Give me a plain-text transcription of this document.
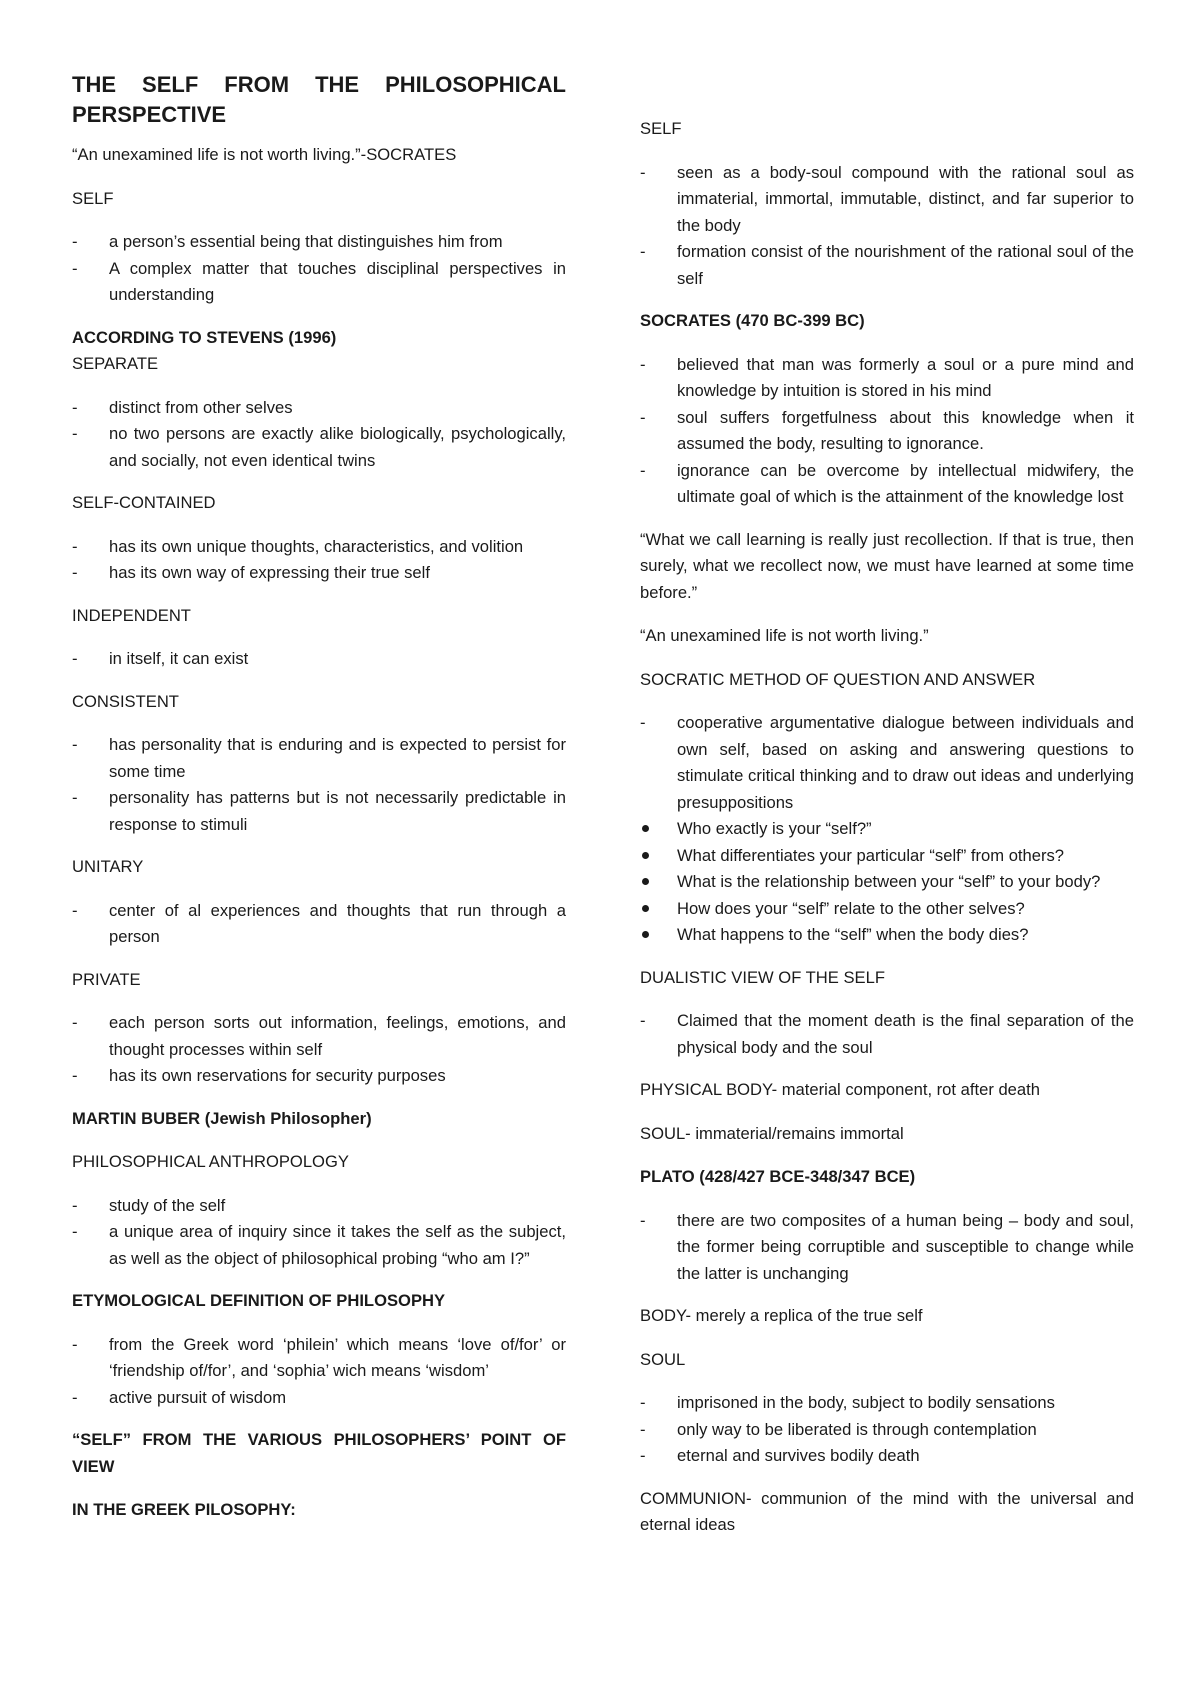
THE SELF FROM THE PHILOSOPHICAL PERSPECTIVE
“An unexamined life is not worth living.”-SOCRATES
SELF
-	a person’s essential being that distinguishes him from
-	A complex matter that touches disciplinal perspectives in understanding
ACCORDING TO STEVENS (1996)
SEPARATE
-	distinct from other selves
-	no two persons are exactly alike biologically, psychologically, and socially, not even identical twins
SELF-CONTAINED
-	has its own unique thoughts, characteristics, and volition
-	has its own way of expressing their true self
INDEPENDENT
-	in itself, it can exist
CONSISTENT
-	has personality that is enduring and is expected to persist for some time
-	personality has patterns but is not necessarily predictable in response to stimuli
UNITARY
-	center of al experiences and thoughts that run through a person
PRIVATE
-	each person sorts out information, feelings, emotions, and thought processes within self
-	has its own reservations for security purposes
MARTIN BUBER (Jewish Philosopher)
PHILOSOPHICAL ANTHROPOLOGY
-	study of the self
-	a unique area of inquiry since it takes the self as the subject, as well as the object of philosophical probing “who am I?”
ETYMOLOGICAL DEFINITION OF PHILOSOPHY
-	from the Greek word ‘philein’ which means ‘love of/for’ or ‘friendship of/for’, and ‘sophia’ wich means ‘wisdom’
-	active pursuit of wisdom
“SELF” FROM THE VARIOUS PHILOSOPHERS’ POINT OF VIEW
IN THE GREEK PILOSOPHY:
SELF
-	seen as a body-soul compound with the rational soul as immaterial, immortal, immutable, distinct, and far superior to the body
-	formation consist of the nourishment of the rational soul of the self
SOCRATES (470 BC-399 BC)
-	believed that man was formerly a soul or a pure mind and knowledge by intuition is stored in his mind
-	soul suffers forgetfulness about this knowledge when it assumed the body, resulting to ignorance.
-	ignorance can be overcome by intellectual midwifery, the ultimate goal of which is the attainment of the knowledge lost
“What we call learning is really just recollection. If that is true, then surely, what we recollect now, we must have learned at some time before.”
“An unexamined life is not worth living.”
SOCRATIC METHOD OF QUESTION AND ANSWER
-	cooperative argumentative dialogue between individuals and own self, based on asking and answering questions to stimulate critical thinking and to draw out ideas and underlying presuppositions
Who exactly is your “self?”
What differentiates your particular “self” from others?
What is the relationship between your “self” to your body?
How does your “self” relate to the other selves?
What happens to the “self” when the body dies?
DUALISTIC VIEW OF THE SELF
-	Claimed that the moment death is the final separation of the physical body and the soul
PHYSICAL BODY- material component, rot after death
SOUL- immaterial/remains immortal
PLATO (428/427 BCE-348/347 BCE)
-	there are two composites of a human being – body and soul, the former being corruptible and susceptible to change while the latter is unchanging
BODY- merely a replica of the true self
SOUL
-	imprisoned in the body, subject to bodily sensations
-	only way to be liberated is through contemplation
-	eternal and survives bodily death
COMMUNION- communion of the mind with the universal and eternal ideas
